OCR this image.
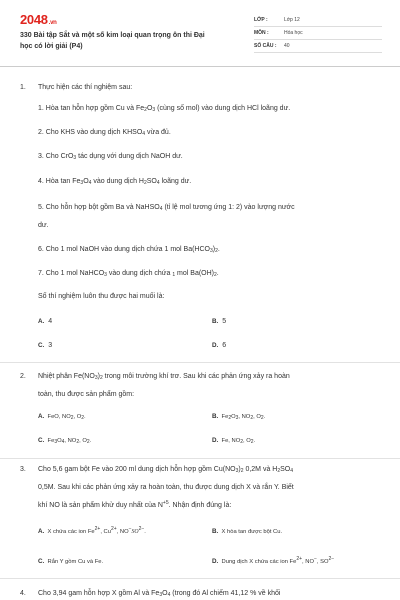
2048.vn
330 Bài tập Sắt và một số kim loại quan trọng ôn thi Đại
học có lời giải (P4)
LỚP :	Lớp 12
MÔN :	Hóa học
SỐ CÂU :	40
1. Thực hiện các thí nghiệm sau:
1. Hòa tan hỗn hợp gồm Cu và $Fe_2O_3$ (cùng số mol) vào dung dịch HCl loãng dư.
2. Cho KHS vào dung dịch $KHSO_4$ vừa đủ.
3. Cho CrO$_3$ tác dụng với dung dịch NaOH dư.
4. Hòa $\tan Fe_3O_4$ vào dung dịch $H_2SO_4$ loãng dư.
5. Cho hỗn hợp bột gồm Ba và NaHSO$_4$ (tỉ lệ mol tương ứng 1: 2) vào lượng nước
dư.
6. Cho 1 mol NaOH vào dung dịch chứa 1 mol $Ba(HCO_3)_2$.
7. Cho 1 mol NaHCO$_3$ vào dung dịch chứa $_1$ mol $Ba(OH)_2$.
Số thí nghiệm luôn thu được hai muối là:
A. 4	B. 5
C. 3	D. 6
2. Nhiệt phân $Fe(NO_3)_2$ trong môi trường khí trơ. Sau khi các phản ứng xảy ra hoàn
toàn, thu được sản phẩm gồm:
A. FeO, $NO_2$, $O_2$.	B. $Fe_2O_3$, $NO_2$, $O_2$.
C. $Fe_3O_4$, $NO_2$, $O_2$.	D. Fe, $NO_2$, $O_2$.
3. Cho 5,6 gam bột Fe vào 200 ml dung dịch hỗn hợp gồm $Cu(NO_3)_2$ 0,2M và $H_2SO_4$
0,5M. Sau khi các phản ứng xảy ra hoàn toàn, thu được dung dịch X và rắn Y. Biết
khí NO là sản phẩm khử duy nhất của $N^{+5}$. Nhận định đúng là:
A. X chứa các ion $Fe^{2+}$, $Cu^{2+}$, $NO^-SO^{2-}$.	B. X hòa tan được bột Cu.
C. Rắn Y gồm Cu và Fe.	D. Dung dịch X chứa các ion $Fe^{2+}$, NO−, $SO^{2-}$
4. Cho 3,94 gam hỗn hợp X gồm Al và $Fe_3O_4$ (trong đó Al chiếm 41,12 % về khối
